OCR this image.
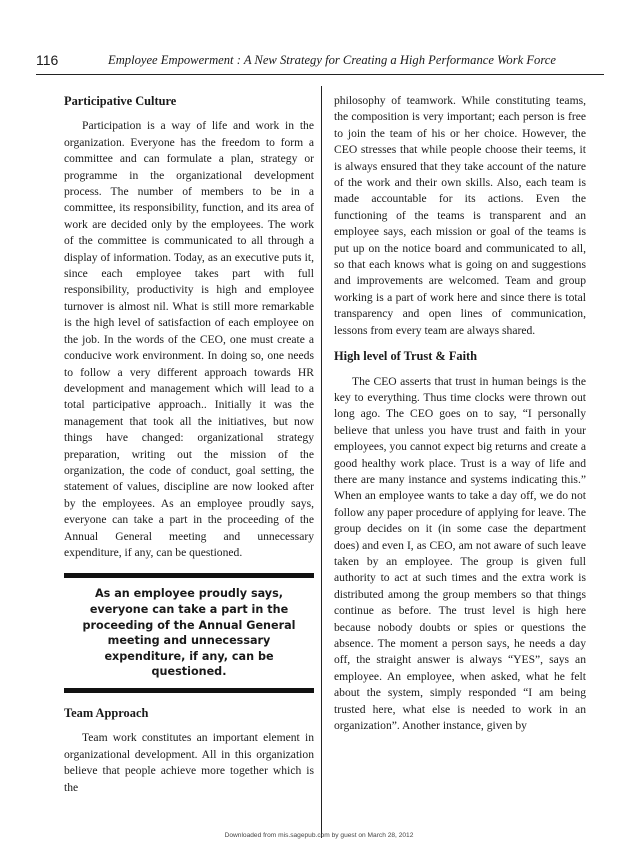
116	Employee Empowerment : A New Strategy for Creating a High Performance Work Force
Participative Culture

Participation is a way of life and work in the organization. Everyone has the freedom to form a committee and can formulate a plan, strategy or programme in the organizational development process. The number of members to be in a committee, its responsibility, function, and its area of work are decided only by the employees. The work of the committee is communicated to all through a display of information. Today, as an executive puts it, since each employee takes part with full responsibility, productivity is high and employee turnover is almost nil. What is still more remarkable is the high level of satisfaction of each employee on the job. In the words of the CEO, one must create a conducive work environment. In doing so, one needs to follow a very different approach towards HR development and management which will lead to a total participative approach.. Initially it was the management that took all the initiatives, but now things have changed: organizational strategy preparation, writing out the mission of the organization, the code of conduct, goal setting, the statement of values, discipline are now looked after by the employees. As an employee proudly says, everyone can take a part in the proceeding of the Annual General meeting and unnecessary expenditure, if any, can be questioned.

As an employee proudly says, everyone can take a part in the proceeding of the Annual General meeting and unnecessary expenditure, if any, can be questioned.
Team Approach

Team work constitutes an important element in organizational development. All in this organization believe that people achieve more together which is the

philosophy of teamwork. While constituting teams, the composition is very important; each person is free to join the team of his or her choice. However, the CEO stresses that while people choose their teems, it is always ensured that they take account of the nature of the work and their own skills. Also, each team is made accountable for its actions. Even the functioning of the teams is transparent and an employee says, each mission or goal of the teams is put up on the notice board and communicated to all, so that each knows what is going on and suggestions and improvements are welcomed. Team and group working is a part of work here and since there is total transparency and open lines of communication, lessons from every team are always shared.

High level of Trust & Faith

The CEO asserts that trust in human beings is the key to everything. Thus time clocks were thrown out long ago. The CEO goes on to say, “I personally believe that unless you have trust and faith in your employees, you cannot expect big returns and create a good healthy work place. Trust is a way of life and there are many instance and systems indicating this.” When an employee wants to take a day off, we do not follow any paper procedure of applying for leave. The group decides on it (in some case the department does) and even I, as CEO, am not aware of such leave taken by an employee. The group is given full authority to act at such times and the extra work is distributed among the group members so that things continue as before. The trust level is high here because nobody doubts or spies or questions the absence. The moment a person says, he needs a day off, the straight answer is always “YES”, says an employee. An employee, when asked, what he felt about the system, simply responded “I am being trusted here, what else is needed to work in an organization”. Another instance, given by

Downloaded from mis.sagepub.com by guest on March 28, 2012
